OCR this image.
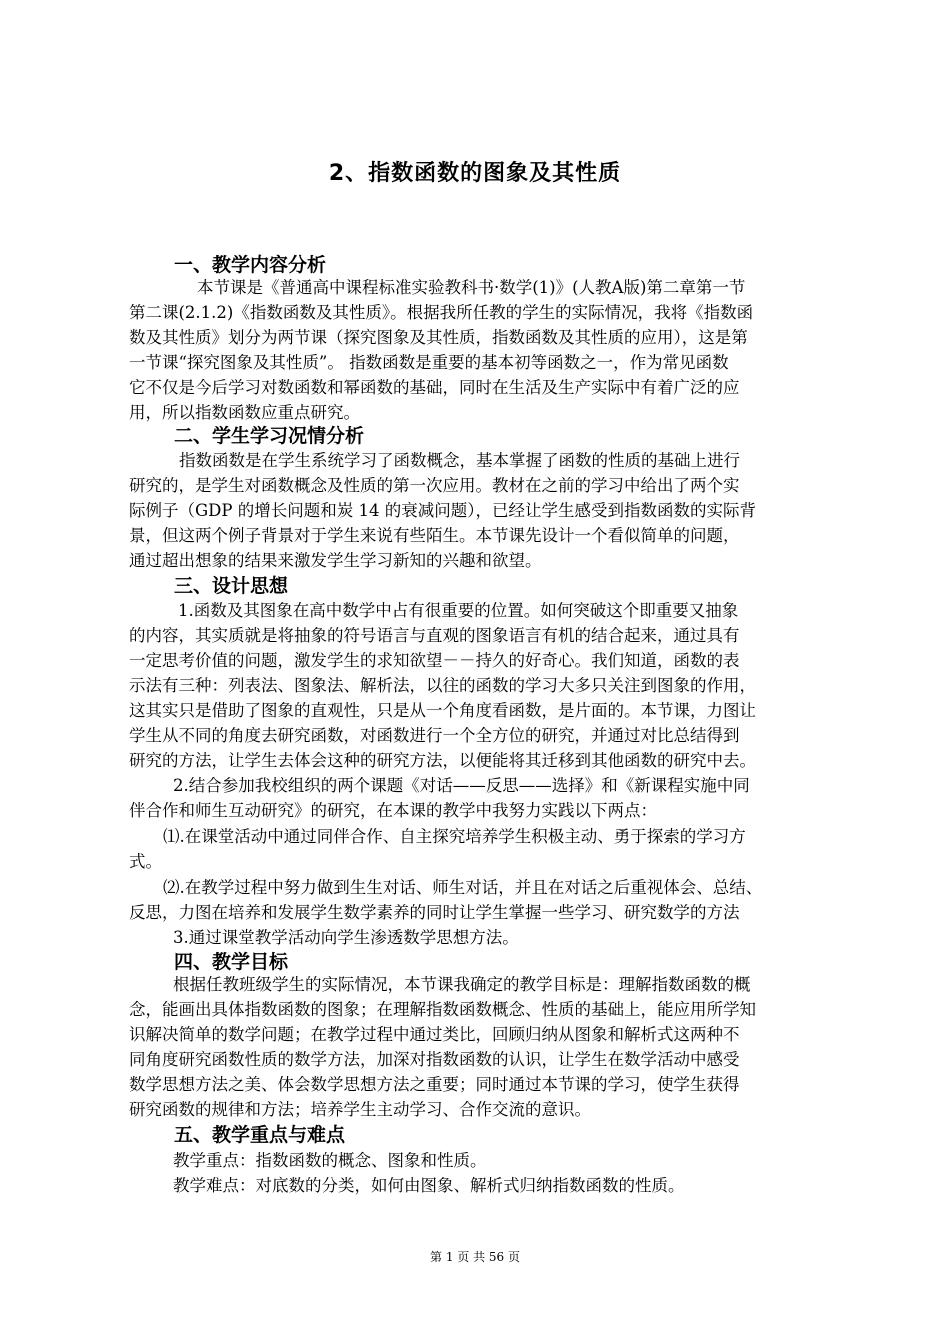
2、指数函数的图象及其性质
一、教学内容分析
本节课是《普通高中课程标准实验教科书·数学(1)》(人教A版)第二章第一节
第二课(2.1.2)《指数函数及其性质》。根据我所任教的学生的实际情况，我将《指数函
数及其性质》划分为两节课（探究图象及其性质，指数函数及其性质的应用），这是第
一节课“探究图象及其性质”。 指数函数是重要的基本初等函数之一，作为常见函数
它不仅是今后学习对数函数和幂函数的基础，同时在生活及生产实际中有着广泛的应
用，所以指数函数应重点研究。
二、学生学习况情分析
指数函数是在学生系统学习了函数概念，基本掌握了函数的性质的基础上进行
研究的，是学生对函数概念及性质的第一次应用。教材在之前的学习中给出了两个实
际例子（GDP 的增长问题和炭 14 的衰减问题），已经让学生感受到指数函数的实际背
景，但这两个例子背景对于学生来说有些陌生。本节课先设计一个看似简单的问题，
通过超出想象的结果来激发学生学习新知的兴趣和欲望。
三、设计思想
1.函数及其图象在高中数学中占有很重要的位置。如何突破这个即重要又抽象
的内容，其实质就是将抽象的符号语言与直观的图象语言有机的结合起来，通过具有
一定思考价值的问题，激发学生的求知欲望－－持久的好奇心。我们知道，函数的表
示法有三种：列表法、图象法、解析法，以往的函数的学习大多只关注到图象的作用，
这其实只是借助了图象的直观性，只是从一个角度看函数，是片面的。本节课，力图让
学生从不同的角度去研究函数，对函数进行一个全方位的研究，并通过对比总结得到
研究的方法，让学生去体会这种的研究方法，以便能将其迁移到其他函数的研究中去。
2.结合参加我校组织的两个课题《对话——反思——选择》和《新课程实施中同
伴合作和师生互动研究》的研究，在本课的教学中我努力实践以下两点：
⑴.在课堂活动中通过同伴合作、自主探究培养学生积极主动、勇于探索的学习方
式。
⑵.在教学过程中努力做到生生对话、师生对话，并且在对话之后重视体会、总结、
反思，力图在培养和发展学生数学素养的同时让学生掌握一些学习、研究数学的方法
3.通过课堂教学活动向学生渗透数学思想方法。
四、教学目标
根据任教班级学生的实际情况，本节课我确定的教学目标是：理解指数函数的概
念，能画出具体指数函数的图象；在理解指数函数概念、性质的基础上，能应用所学知
识解决简单的数学问题；在教学过程中通过类比，回顾归纳从图象和解析式这两种不
同角度研究函数性质的数学方法，加深对指数函数的认识，让学生在数学活动中感受
数学思想方法之美、体会数学思想方法之重要；同时通过本节课的学习，使学生获得
研究函数的规律和方法；培养学生主动学习、合作交流的意识。
五、教学重点与难点
教学重点：指数函数的概念、图象和性质。
教学难点：对底数的分类，如何由图象、解析式归纳指数函数的性质。
第 1 页 共 56 页
